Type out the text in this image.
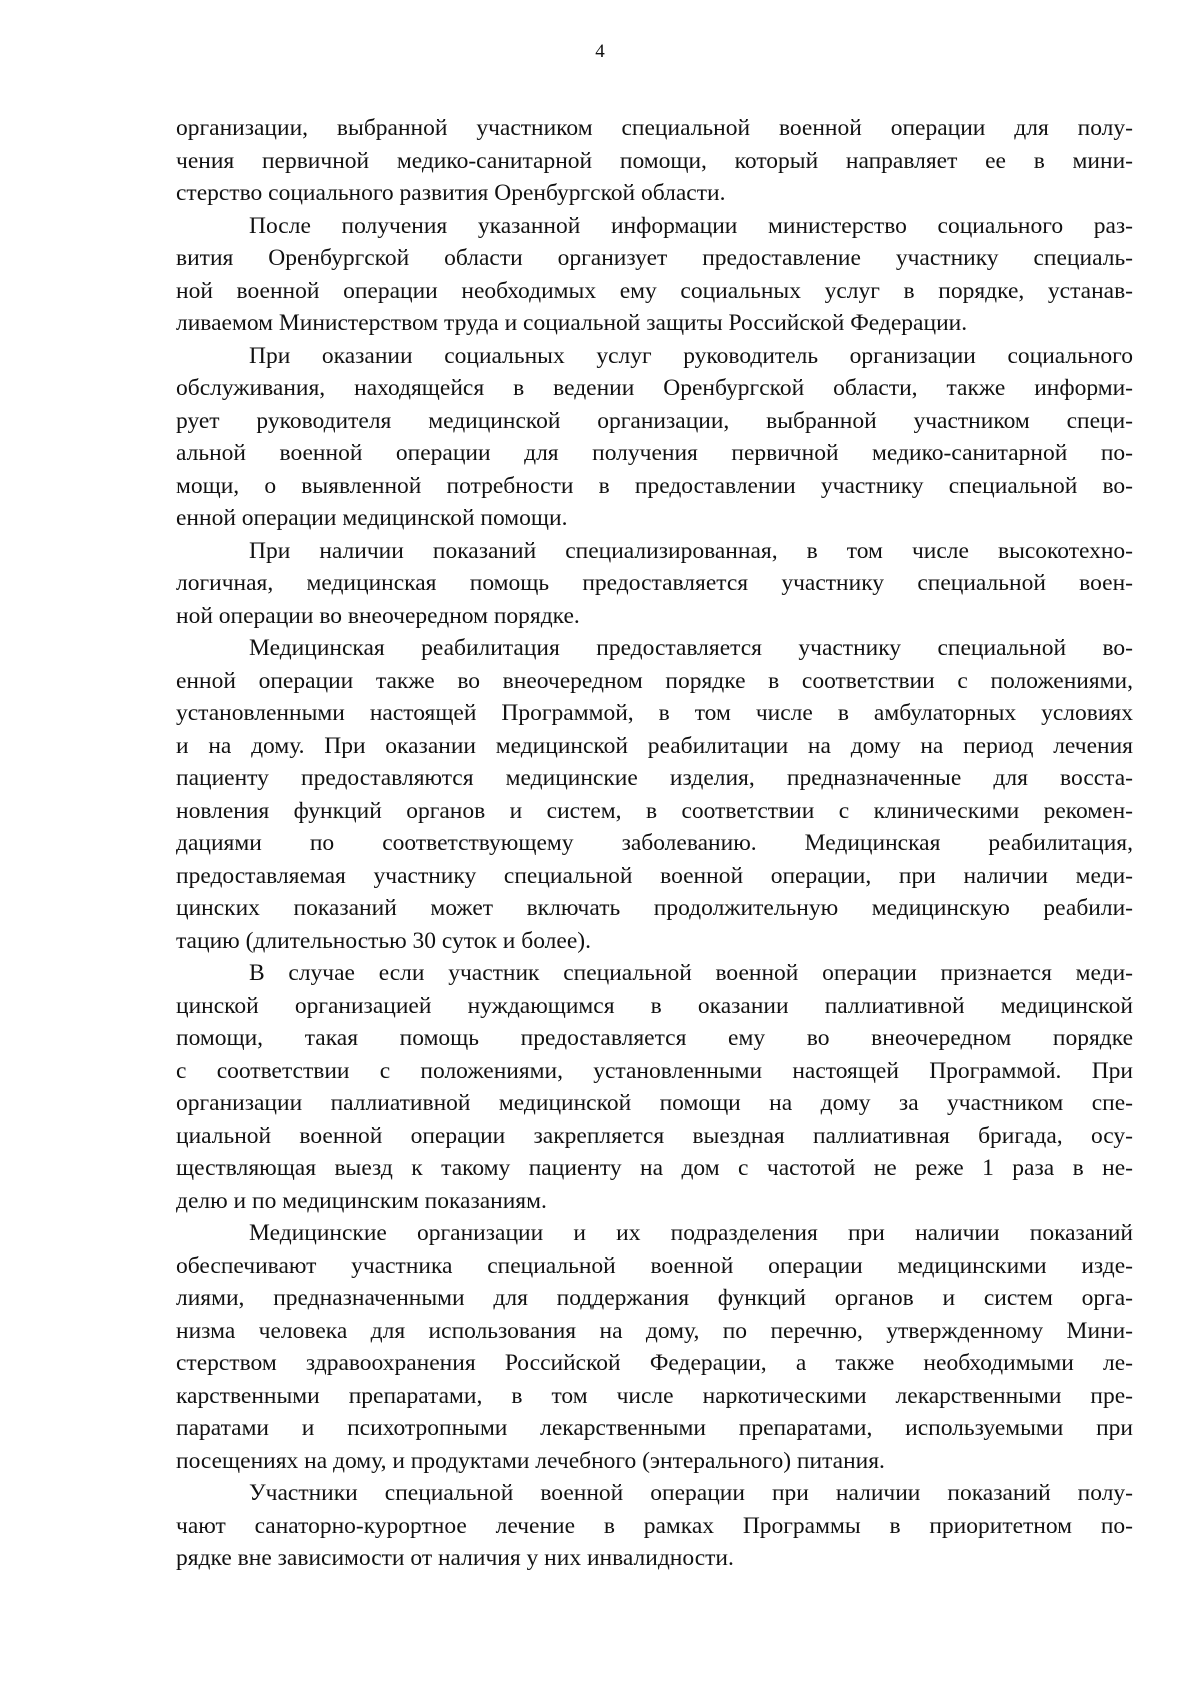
4
организации, выбранной участником специальной военной операции для полу-
чения первичной медико-санитарной помощи, который направляет ее в мини-
стерство социального развития Оренбургской области.
После получения указанной информации министерство социального раз-
вития Оренбургской области организует предоставление участнику специаль-
ной военной операции необходимых ему социальных услуг в порядке, устанав-
ливаемом Министерством труда и социальной защиты Российской Федерации.
При оказании социальных услуг руководитель организации социального
обслуживания, находящейся в ведении Оренбургской области, также информи-
рует руководителя медицинской организации, выбранной участником специ-
альной военной операции для получения первичной медико-санитарной по-
мощи, о выявленной потребности в предоставлении участнику специальной во-
енной операции медицинской помощи.
При наличии показаний специализированная, в том числе высокотехно-
логичная, медицинская помощь предоставляется участнику специальной воен-
ной операции во внеочередном порядке.
Медицинская реабилитация предоставляется участнику специальной во-
енной операции также во внеочередном порядке в соответствии с положениями,
установленными настоящей Программой, в том числе в амбулаторных условиях
и на дому. При оказании медицинской реабилитации на дому на период лечения
пациенту предоставляются медицинские изделия, предназначенные для восста-
новления функций органов и систем, в соответствии с клиническими рекомен-
дациями по соответствующему заболеванию. Медицинская реабилитация,
предоставляемая участнику специальной военной операции, при наличии меди-
цинских показаний может включать продолжительную медицинскую реабили-
тацию (длительностью 30 суток и более).
В случае если участник специальной военной операции признается меди-
цинской организацией нуждающимся в оказании паллиативной медицинской
помощи, такая помощь предоставляется ему во внеочередном порядке
с соответствии с положениями, установленными настоящей Программой. При
организации паллиативной медицинской помощи на дому за участником спе-
циальной военной операции закрепляется выездная паллиативная бригада, осу-
ществляющая выезд к такому пациенту на дом с частотой не реже 1 раза в не-
делю и по медицинским показаниям.
Медицинские организации и их подразделения при наличии показаний
обеспечивают участника специальной военной операции медицинскими изде-
лиями, предназначенными для поддержания функций органов и систем орга-
низма человека для использования на дому, по перечню, утвержденному Мини-
стерством здравоохранения Российской Федерации, а также необходимыми ле-
карственными препаратами, в том числе наркотическими лекарственными пре-
паратами и психотропными лекарственными препаратами, используемыми при
посещениях на дому, и продуктами лечебного (энтерального) питания.
Участники специальной военной операции при наличии показаний полу-
чают санаторно-курортное лечение в рамках Программы в приоритетном по-
рядке вне зависимости от наличия у них инвалидности.
